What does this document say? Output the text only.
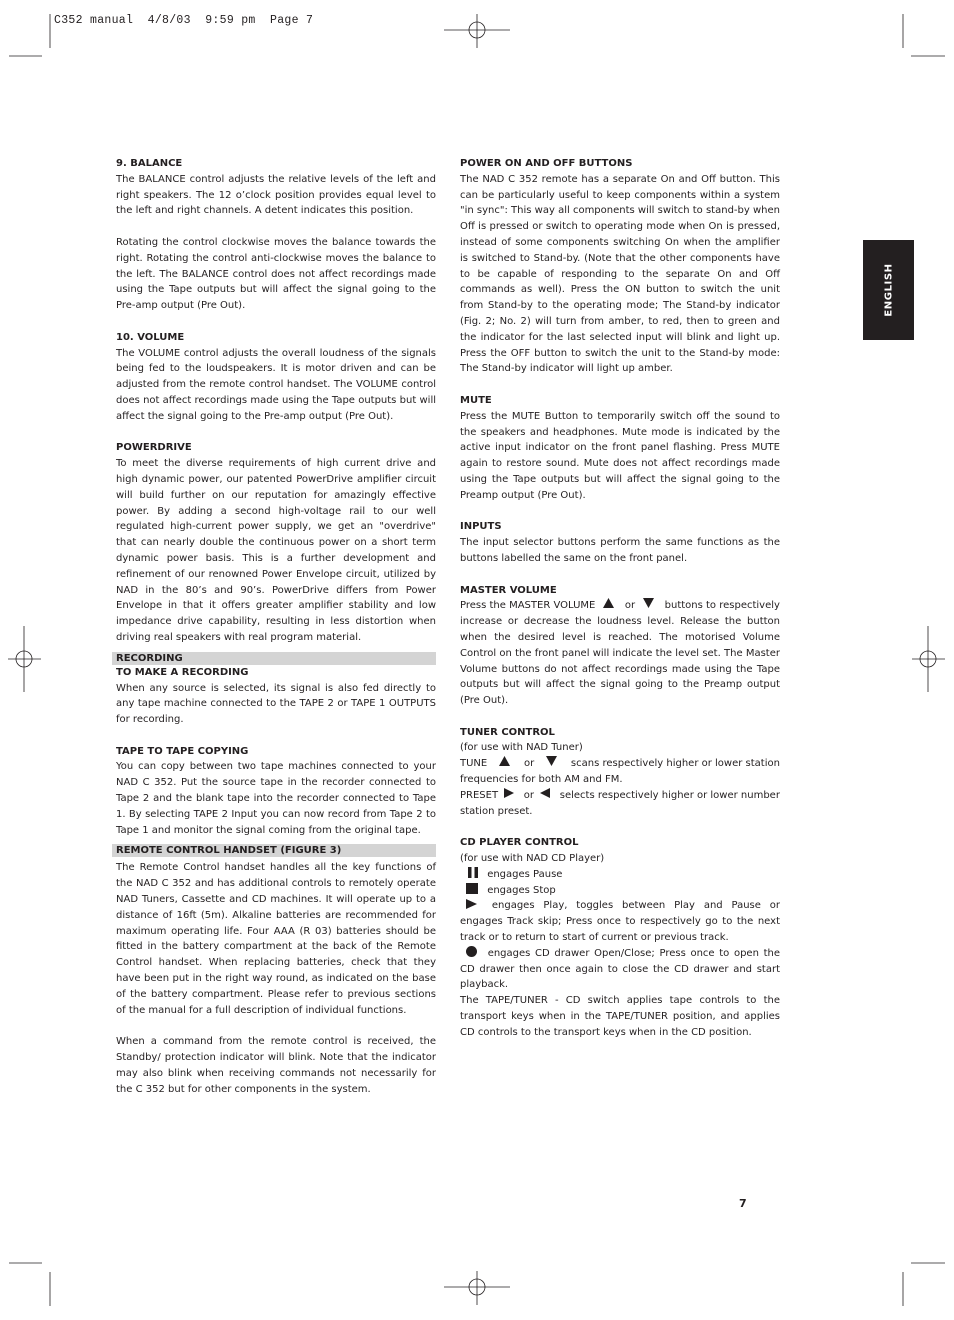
C352 manual  4/8/03  9:59 pm  Page 7
ENGLISH
9. BALANCE
The BALANCE control adjusts the relative levels of the left and right speakers. The 12 o’clock position provides equal level to the left and right channels. A detent indicates this position.
Rotating the control clockwise moves the balance towards the right. Rotating the control anti-clockwise moves the balance to the left. The BALANCE control does not affect recordings made using the Tape outputs but will affect the signal going to the Pre-amp output (Pre Out).
10. VOLUME
The VOLUME control adjusts the overall loudness of the signals being fed to the loudspeakers. It is motor driven and can be adjusted from the remote control handset. The VOLUME control does not affect recordings made using the Tape outputs but will affect the signal going to the Pre-amp output (Pre Out).
POWERDRIVE
To meet the diverse requirements of high current drive and high dynamic power, our patented PowerDrive amplifier circuit will build further on our reputation for amazingly effective power. By adding a second high-voltage rail to our well regulated high-current power supply, we get an "overdrive" that can nearly double the continuous power on a short term dynamic power basis. This is a further development and refinement of our renowned Power Envelope circuit, utilized by NAD in the 80’s and 90’s. PowerDrive differs from Power Envelope in that it offers greater amplifier stability and low impedance drive capability, resulting in less distortion when driving real speakers with real program material.
RECORDING
TO MAKE A RECORDING
When any source is selected, its signal is also fed directly to any tape machine connected to the TAPE 2 or TAPE 1 OUTPUTS for recording.
TAPE TO TAPE COPYING
You can copy between two tape machines connected to your NAD C 352. Put the source tape in the recorder connected to Tape 2 and the blank tape into the recorder connected to Tape 1. By selecting TAPE 2 Input you can now record from Tape 2 to Tape 1 and monitor the signal coming from the original tape.
REMOTE CONTROL HANDSET (FIGURE 3)
The Remote Control handset handles all the key functions of the NAD C 352 and has additional controls to remotely operate NAD Tuners, Cassette and CD machines. It will operate up to a distance of 16ft (5m). Alkaline batteries are recommended for maximum operating life. Four AAA (R 03) batteries should be fitted in the battery compartment at the back of the Remote Control handset. When replacing batteries, check that they have been put in the right way round, as indicated on the base of the battery compartment. Please refer to previous sections of the manual for a full description of individual functions.
When a command from the remote control is received, the Standby/ protection indicator will blink. Note that the indicator may also blink when receiving commands not necessarily for the C 352 but for other components in the system.
POWER ON AND OFF BUTTONS
The NAD C 352 remote has a separate On and Off button. This can be particularly useful to keep components within a system "in sync": This way all components will switch to stand-by when Off is pressed or switch to operating mode when On is pressed, instead of some components switching On when the amplifier is switched to Stand-by. (Note that the other components have to be capable of responding to the separate On and Off commands as well). Press the ON button to switch the unit from Stand-by to the operating mode; The Stand-by indicator (Fig. 2; No. 2) will turn from amber, to red, then to green and the indicator for the last selected input will blink and light up. Press the OFF button to switch the unit to the Stand-by mode: The Stand-by indicator will light up amber.
MUTE
Press the MUTE Button to temporarily switch off the sound to the speakers and headphones. Mute mode is indicated by the active input indicator on the front panel flashing. Press MUTE again to restore sound. Mute does not affect recordings made using the Tape outputs but will affect the signal going to the Preamp output (Pre Out).
INPUTS
The input selector buttons perform the same functions as the buttons labelled the same on the front panel.
MASTER VOLUME
Press the MASTER VOLUME	or	buttons to respectively
increase or decrease the loudness level. Release the button when the desired level is reached. The motorised Volume Control on the front panel will indicate the level set. The Master Volume buttons do not affect recordings made using the Tape outputs but will affect the signal going to the Preamp output (Pre Out).
TUNER CONTROL
(for use with NAD Tuner)
TUNE	or	scans respectively higher or lower station
frequencies for both AM and FM.
PRESET	or	selects respectively higher or lower number
station preset.
CD PLAYER CONTROL
(for use with NAD CD Player)
engages Pause
engages Stop
engages Play, toggles between Play and Pause or engages Track skip; Press once to respectively go to the next track or to return to start of current or previous track.
engages CD drawer Open/Close; Press once to open the CD drawer then once again to close the CD drawer and start playback.
The TAPE/TUNER - CD switch applies tape controls to the transport keys when in the TAPE/TUNER position, and applies CD controls to the transport keys when in the CD position.
7
